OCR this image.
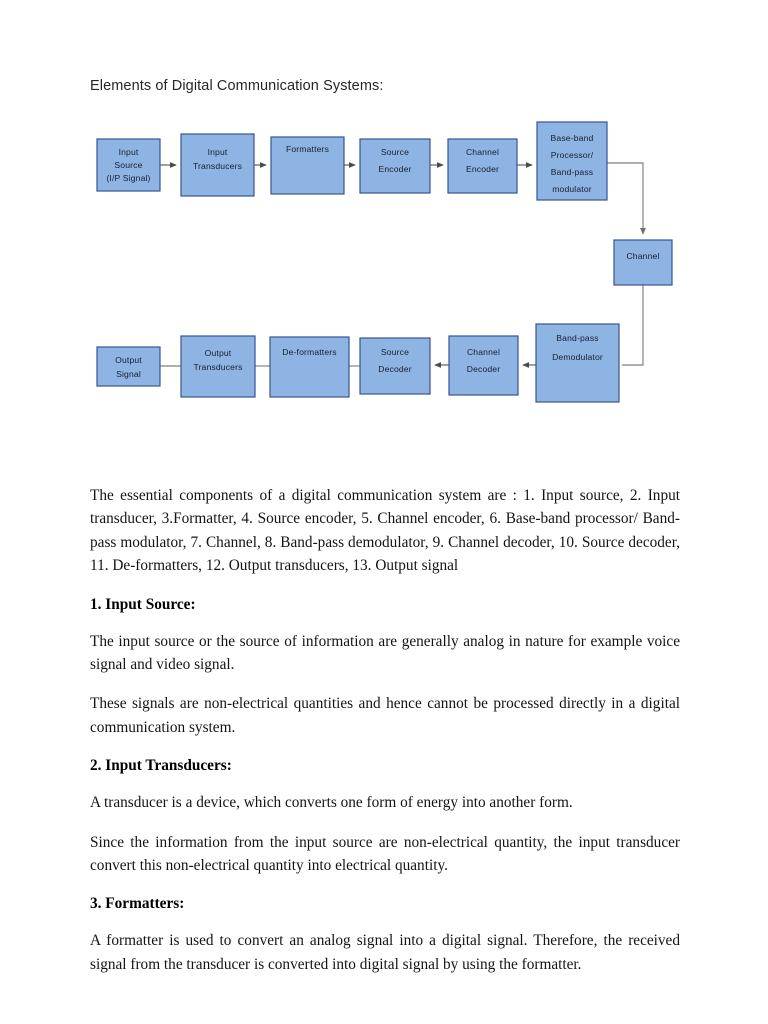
Elements of Digital Communication Systems:
Input
Source
(I/P Signal)
Input
Transducers
Formatters	Source
Encoder
Channel
Encoder
Base-band
Processor/
Band-pass
modulator
Channel
Band-pass
Demodulator
Channel
Decoder
Source
Decoder
De-formatters
Output
Transducers
Output
Signal

The essential components of a digital communication system are : 1. Input source, 2. Input transducer, 3.Formatter, 4. Source encoder, 5. Channel encoder, 6. Base-band processor/ Band-pass modulator, 7. Channel, 8. Band-pass demodulator, 9. Channel decoder, 10. Source decoder, 11. De-formatters, 12. Output transducers, 13. Output signal

1. Input Source:

The input source or the source of information are generally analog in nature for example voice signal and video signal.

These signals are non-electrical quantities and hence cannot be processed directly in a digital communication system.

2. Input Transducers:

A transducer is a device, which converts one form of energy into another form.

Since the information from the input source are non-electrical quantity, the input transducer convert this non-electrical quantity into electrical quantity.

3. Formatters:

A formatter is used to convert an analog signal into a digital signal. Therefore, the received signal from the transducer is converted into digital signal by using the formatter.
